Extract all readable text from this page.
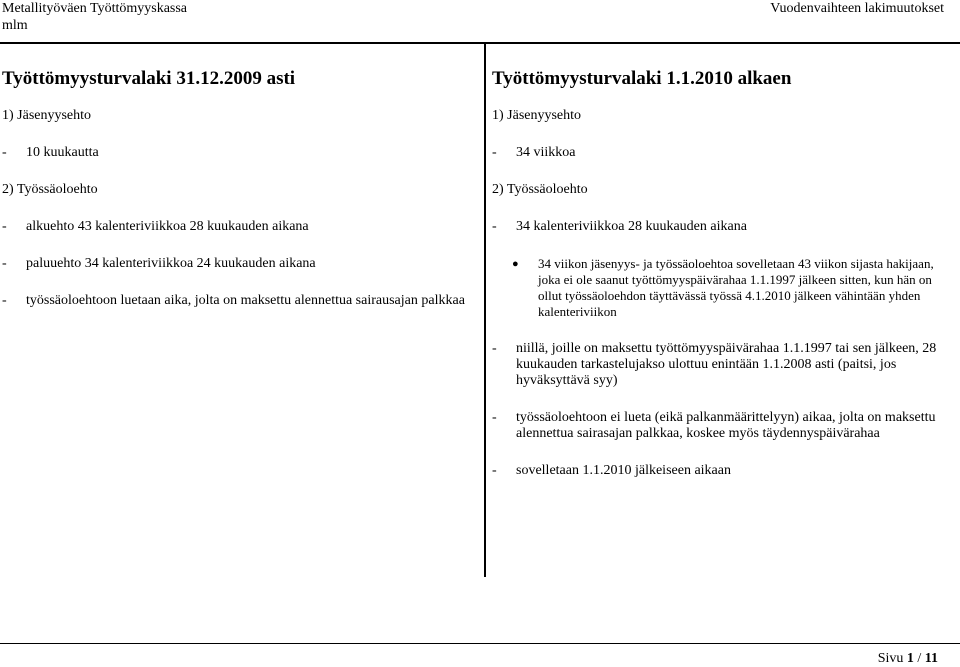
Metallityöväen Työttömyyskassa
mlm
Vuodenvaihteen lakimuutokset
Työttömyysturvalaki 31.12.2009 asti
1) Jäsenyysehto
-	10 kuukautta
2) Työssäoloehto
-	alkuehto 43 kalenteriviikkoa 28 kuukauden aikana
-	paluuehto 34 kalenteriviikkoa 24 kuukauden aikana
-	työssäoloehtoon luetaan aika, jolta on maksettu alennettua sairausajan palkkaa
Työttömyysturvalaki 1.1.2010 alkaen
1) Jäsenyysehto
-	34 viikkoa
2) Työssäoloehto
-	34 kalenteriviikkoa 28 kuukauden aikana
●	34 viikon jäsenyys- ja työssäoloehtoa sovelletaan 43 viikon sijasta hakijaan, joka ei ole saanut työttömyyspäivärahaa 1.1.1997 jälkeen sitten, kun hän on ollut työssäoloehdon täyttävässä työssä 4.1.2010 jälkeen vähintään yhden kalenteriviikon
-	niillä, joille on maksettu työttömyyspäivärahaa 1.1.1997 tai sen jälkeen, 28 kuukauden tarkastelujakso ulottuu enintään 1.1.2008 asti (paitsi, jos hyväksyttävä syy)
-	työssäoloehtoon ei lueta (eikä palkanmäärittelyyn) aikaa, jolta on maksettu alennettua sairasajan palkkaa, koskee myös täydennyspäivärahaa
-	sovelletaan 1.1.2010 jälkeiseen aikaan
Sivu 1 / 11
